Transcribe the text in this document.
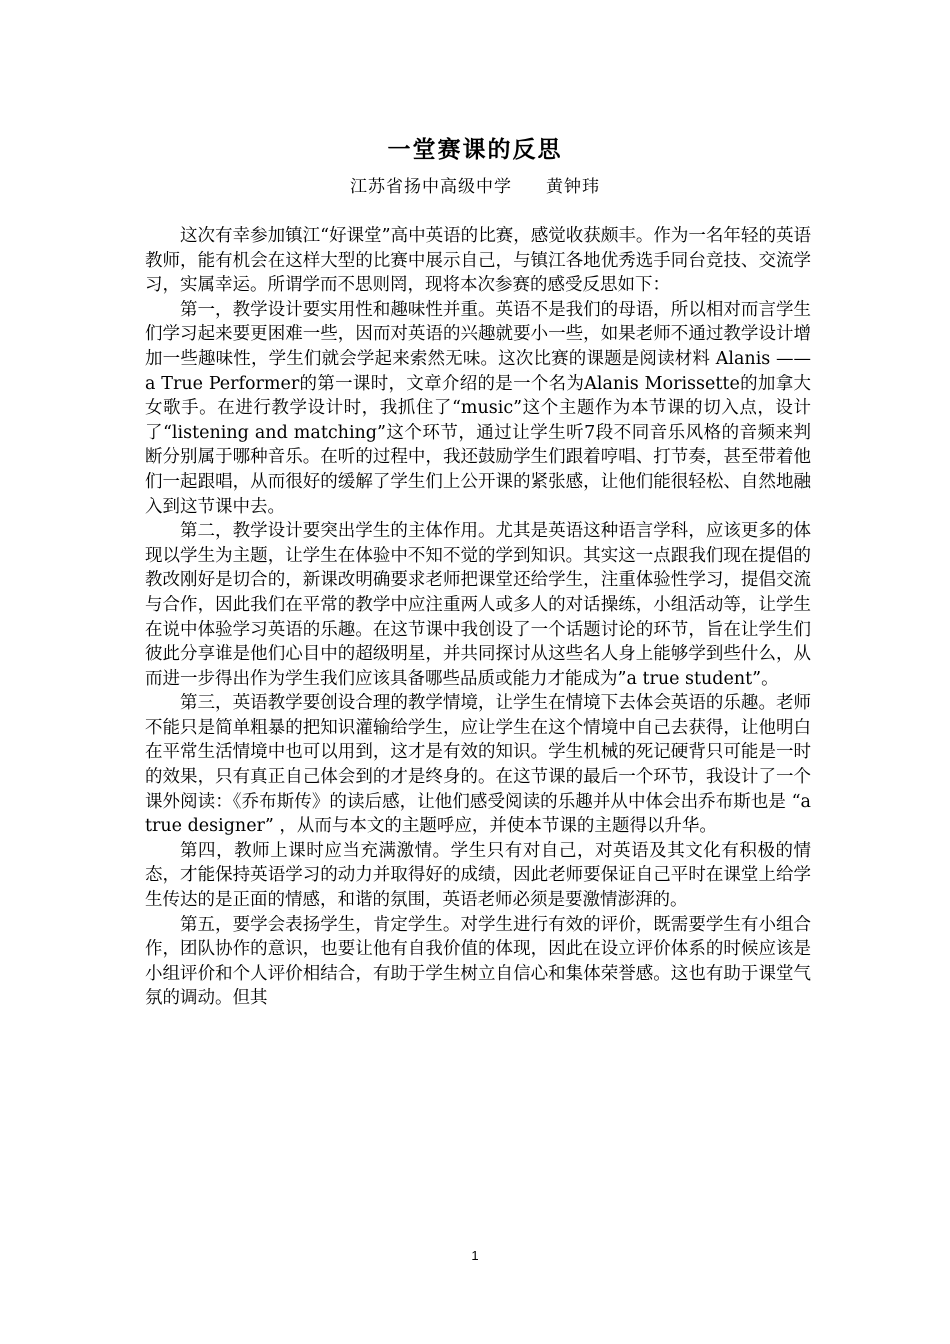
一堂赛课的反思
江苏省扬中高级中学 黄钟玮

这次有幸参加镇江“好课堂”高中英语的比赛，感觉收获颇丰。作为一名年轻的英语教师，能有机会在这样大型的比赛中展示自己，与镇江各地优秀选手同台竞技、交流学习，实属幸运。所谓学而不思则罔，现将本次参赛的感受反思如下：

第一，教学设计要实用性和趣味性并重。英语不是我们的母语，所以相对而言学生们学习起来要更困难一些，因而对英语的兴趣就要小一些，如果老师不通过教学设计增加一些趣味性，学生们就会学起来索然无味。这次比赛的课题是阅读材料 Alanis ——a True Performer的第一课时，文章介绍的是一个名为Alanis Morissette的加拿大女歌手。在进行教学设计时，我抓住了“music”这个主题作为本节课的切入点，设计了“listening and matching”这个环节，通过让学生听7段不同音乐风格的音频来判断分别属于哪种音乐。在听的过程中，我还鼓励学生们跟着哼唱、打节奏，甚至带着他们一起跟唱，从而很好的缓解了学生们上公开课的紧张感，让他们能很轻松、自然地融入到这节课中去。

第二，教学设计要突出学生的主体作用。尤其是英语这种语言学科，应该更多的体现以学生为主题，让学生在体验中不知不觉的学到知识。其实这一点跟我们现在提倡的教改刚好是切合的，新课改明确要求老师把课堂还给学生，注重体验性学习，提倡交流与合作，因此我们在平常的教学中应注重两人或多人的对话操练，小组活动等，让学生在说中体验学习英语的乐趣。在这节课中我创设了一个话题讨论的环节，旨在让学生们彼此分享谁是他们心目中的超级明星，并共同探讨从这些名人身上能够学到些什么，从而进一步得出作为学生我们应该具备哪些品质或能力才能成为”a true student”。

第三，英语教学要创设合理的教学情境，让学生在情境下去体会英语的乐趣。老师不能只是简单粗暴的把知识灌输给学生，应让学生在这个情境中自己去获得，让他明白在平常生活情境中也可以用到，这才是有效的知识。学生机械的死记硬背只可能是一时的效果，只有真正自己体会到的才是终身的。在这节课的最后一个环节，我设计了一个课外阅读：《乔布斯传》的读后感，让他们感受阅读的乐趣并从中体会出乔布斯也是 “a true designer” ，从而与本文的主题呼应，并使本节课的主题得以升华。

第四，教师上课时应当充满激情。学生只有对自己，对英语及其文化有积极的情态，才能保持英语学习的动力并取得好的成绩，因此老师要保证自己平时在课堂上给学生传达的是正面的情感，和谐的氛围，英语老师必须是要激情澎湃的。

第五，要学会表扬学生，肯定学生。对学生进行有效的评价，既需要学生有小组合作，团队协作的意识，也要让他有自我价值的体现，因此在设立评价体系的时候应该是小组评价和个人评价相结合，有助于学生树立自信心和集体荣誉感。这也有助于课堂气氛的调动。但其

1
